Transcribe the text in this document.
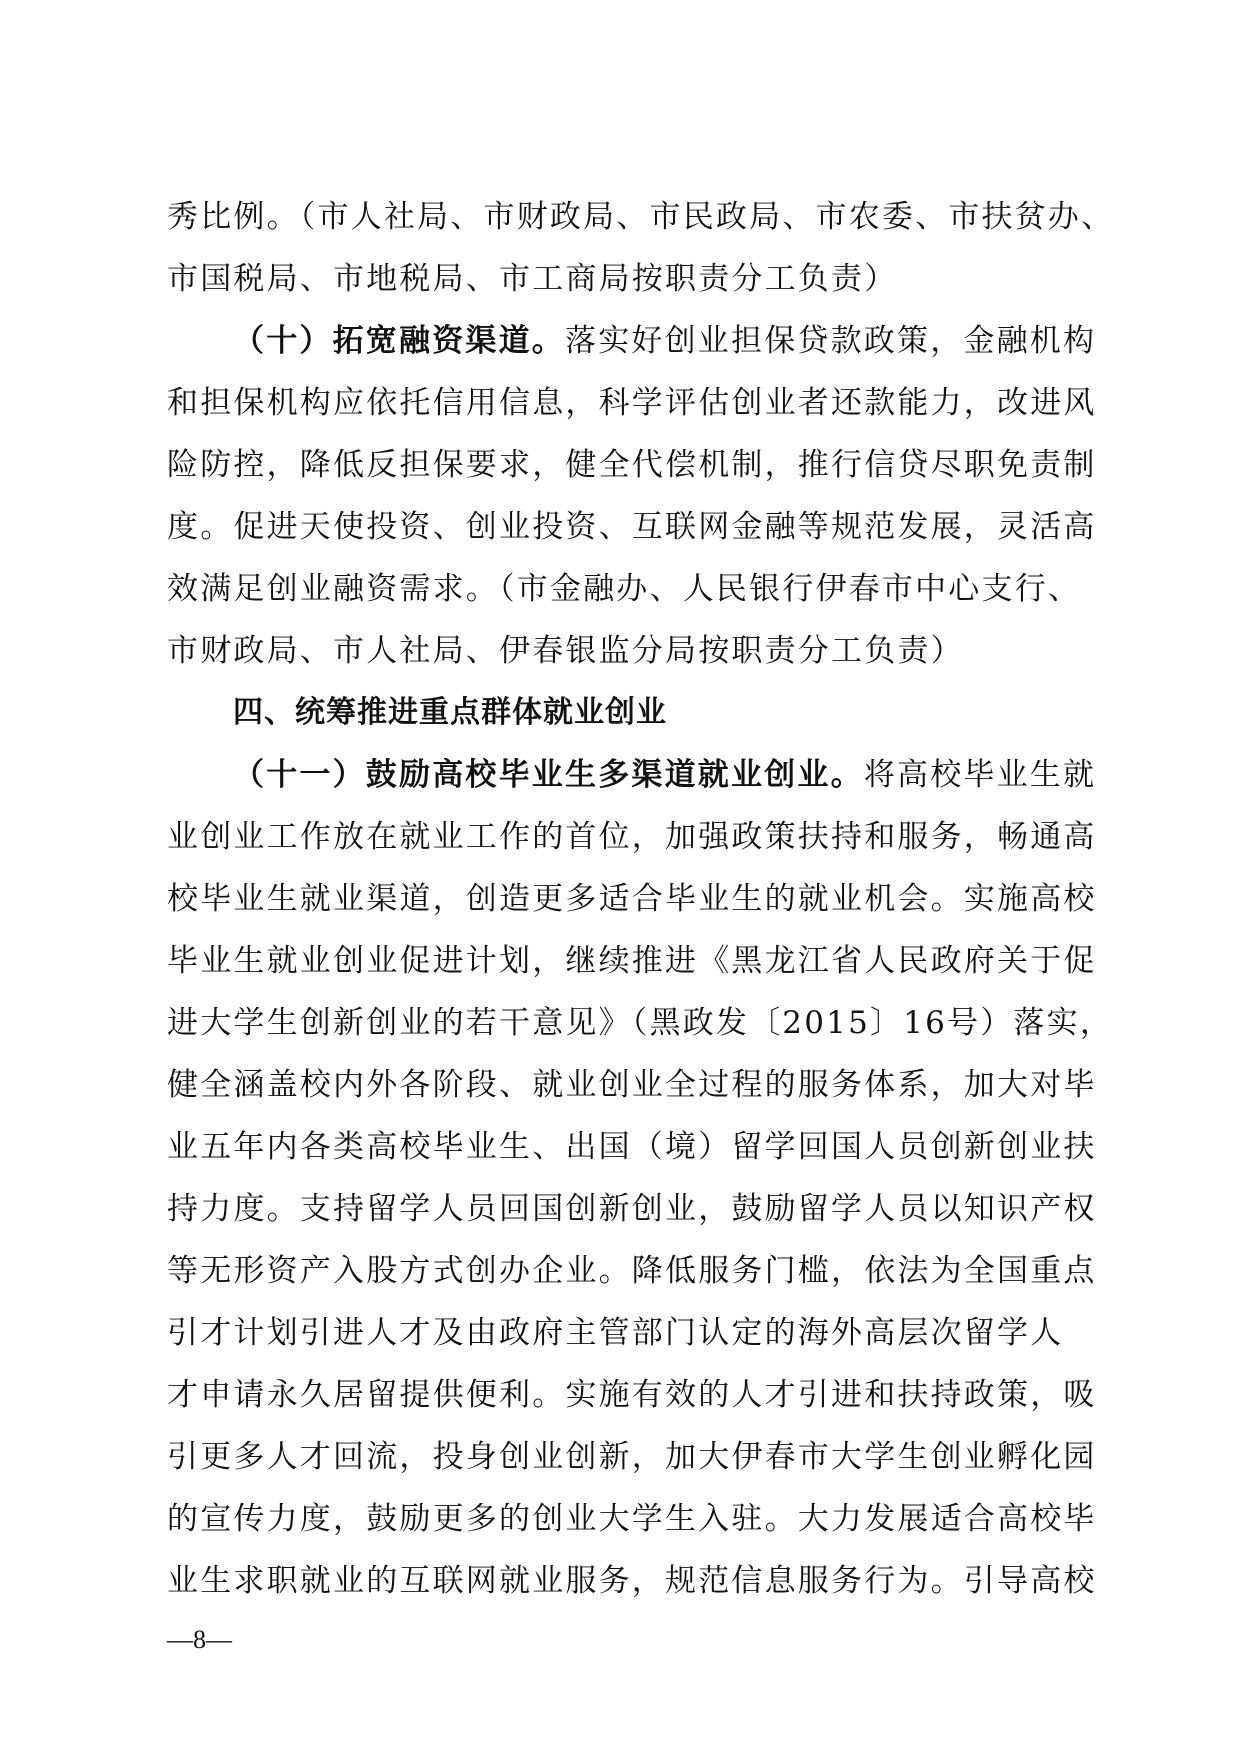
秀比例。（市人社局、市财政局、市民政局、市农委、市扶贫办、
市国税局、市地税局、市工商局按职责分工负责）
（十）拓宽融资渠道。落实好创业担保贷款政策，金融机构
和担保机构应依托信用信息，科学评估创业者还款能力，改进风
险防控，降低反担保要求，健全代偿机制，推行信贷尽职免责制
度。促进天使投资、创业投资、互联网金融等规范发展，灵活高
效满足创业融资需求。（市金融办、人民银行伊春市中心支行、
市财政局、市人社局、伊春银监分局按职责分工负责）
四、统筹推进重点群体就业创业
（十一）鼓励高校毕业生多渠道就业创业。将高校毕业生就
业创业工作放在就业工作的首位，加强政策扶持和服务，畅通高
校毕业生就业渠道，创造更多适合毕业生的就业机会。实施高校
毕业生就业创业促进计划，继续推进《黑龙江省人民政府关于促
进大学生创新创业的若干意见》（黑政发〔2015〕16号）落实，
健全涵盖校内外各阶段、就业创业全过程的服务体系，加大对毕
业五年内各类高校毕业生、出国（境）留学回国人员创新创业扶
持力度。支持留学人员回国创新创业，鼓励留学人员以知识产权
等无形资产入股方式创办企业。降低服务门槛，依法为全国重点
引才计划引进人才及由政府主管部门认定的海外高层次留学人
才申请永久居留提供便利。实施有效的人才引进和扶持政策，吸
引更多人才回流，投身创业创新，加大伊春市大学生创业孵化园
的宣传力度，鼓励更多的创业大学生入驻。大力发展适合高校毕
业生求职就业的互联网就业服务，规范信息服务行为。引导高校
—8—
